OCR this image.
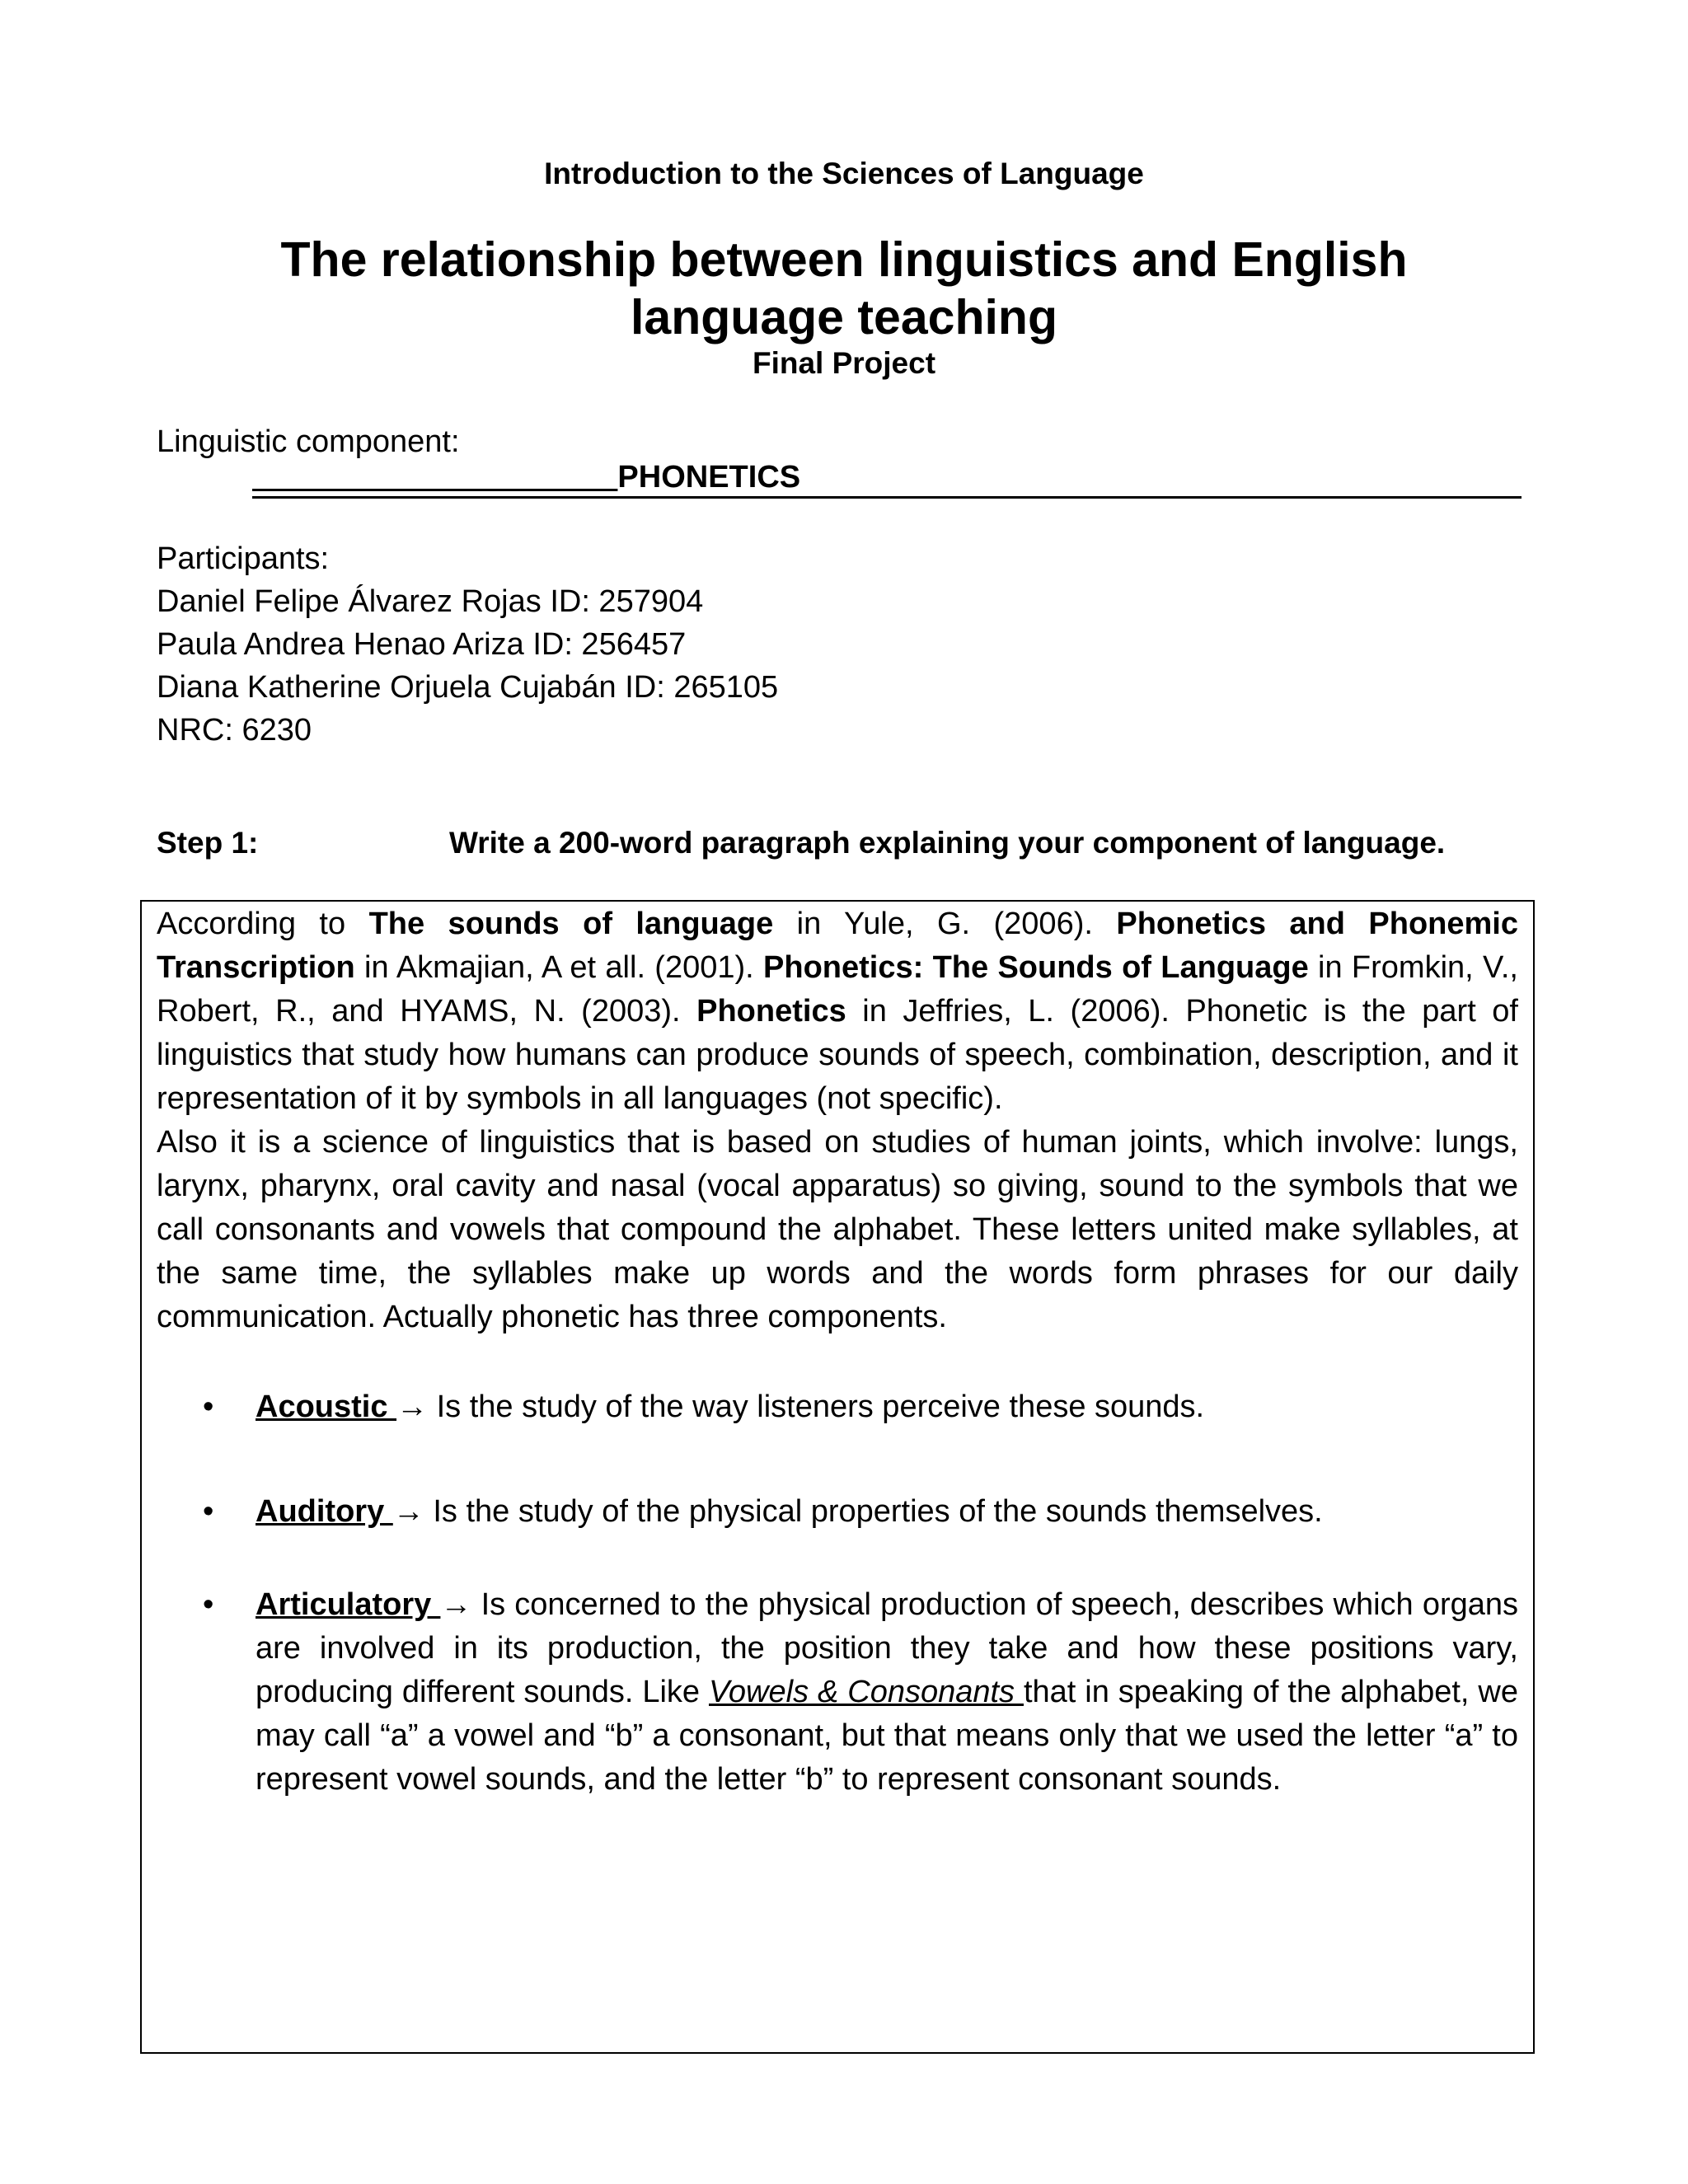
Introduction to the Sciences of Language
The relationship between linguistics and English
language teaching
Final Project
Linguistic component:
PHONETICS
Participants:
Daniel Felipe Álvarez Rojas ID: 257904
Paula Andrea Henao Ariza ID: 256457
Diana Katherine Orjuela Cujabán ID: 265105
NRC: 6230
Step 1:	Write a 200-word paragraph explaining your component of language.

According to The sounds of language in Yule, G. (2006). Phonetics and Phonemic Transcription in Akmajian, A et all. (2001). Phonetics: The Sounds of Language in Fromkin, V., Robert, R., and HYAMS, N. (2003). Phonetics in Jeffries, L. (2006). Phonetic is the part of linguistics that study how humans can produce sounds of speech, combination, description, and it representation of it by symbols in all languages (not specific).

Also it is a science of linguistics that is based on studies of human joints, which involve: lungs, larynx, pharynx, oral cavity and nasal (vocal apparatus) so giving, sound to the symbols that we call consonants and vowels that compound the alphabet. These letters united make syllables, at the same time, the syllables make up words and the words form phrases for our daily communication. Actually phonetic has three components.

• Acoustic → Is the study of the way listeners perceive these sounds.
• Auditory → Is the study of the physical properties of the sounds themselves.
• Articulatory → Is concerned to the physical production of speech, describes which organs are involved in its production, the position they take and how these positions vary, producing different sounds. Like Vowels & Consonants that in speaking of the alphabet, we may call “a” a vowel and “b” a consonant, but that means only that we used the letter “a” to represent vowel sounds, and the letter “b” to represent consonant sounds.
